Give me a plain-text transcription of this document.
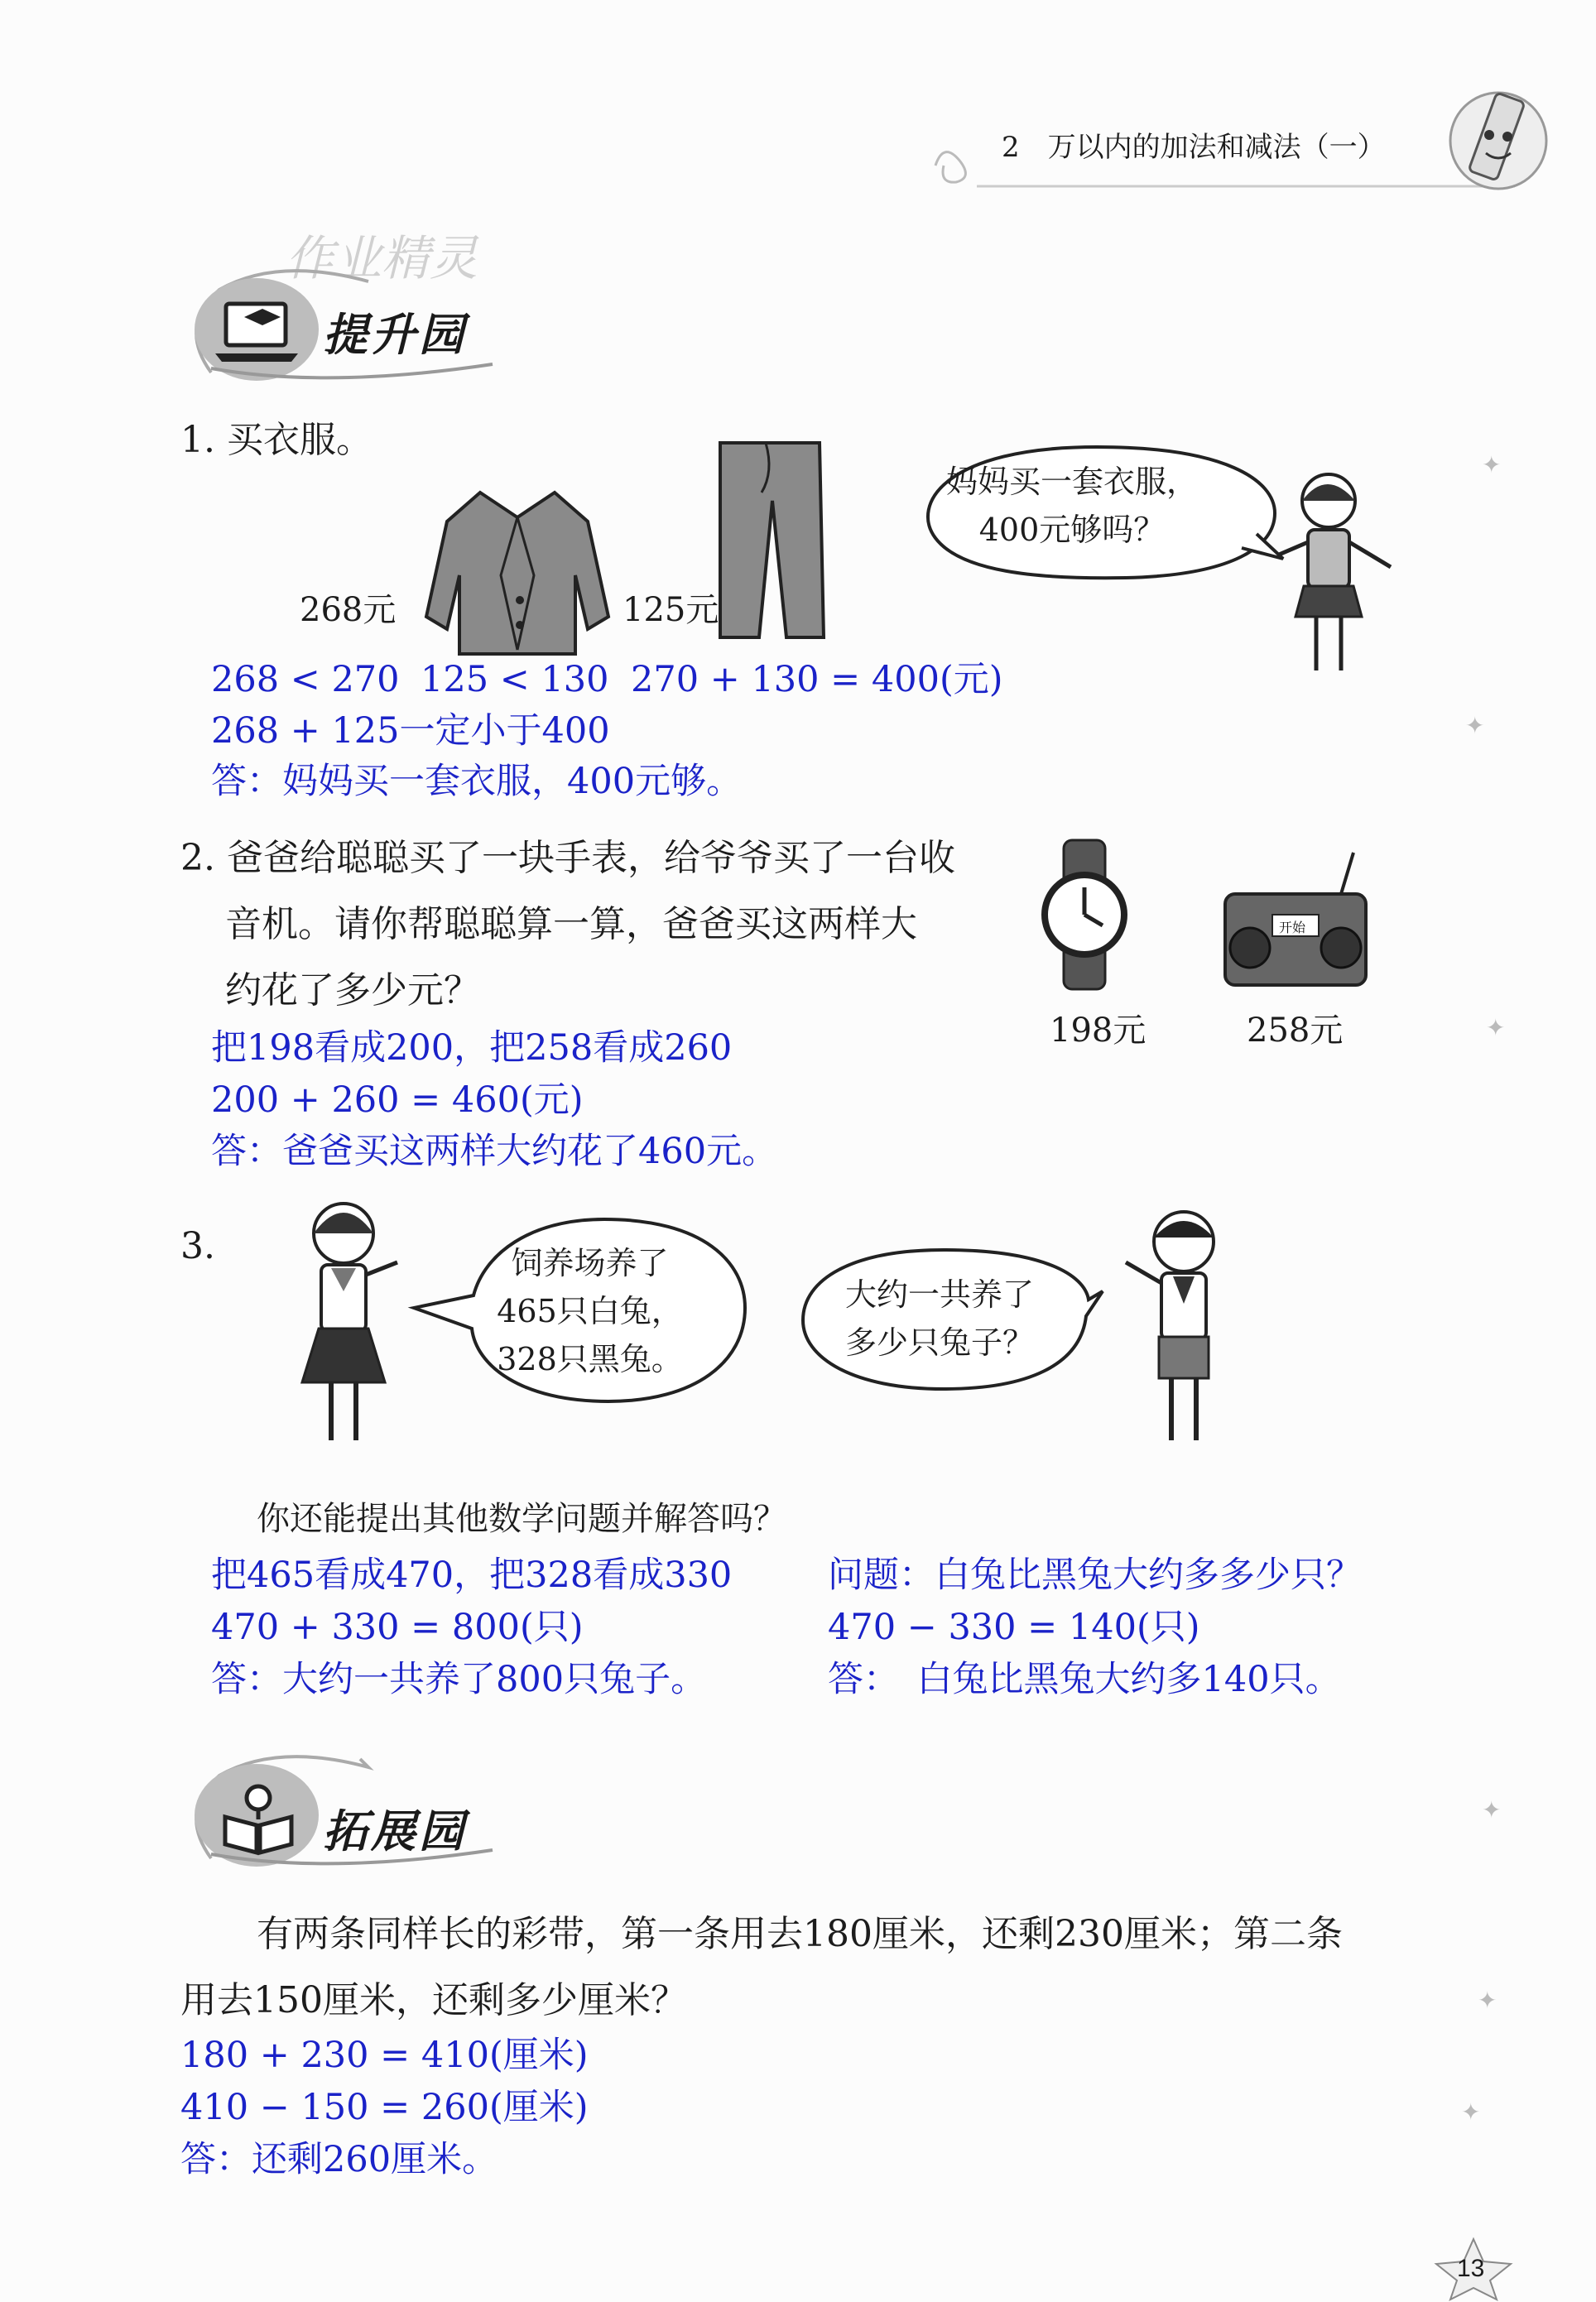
2　万以内的加法和减法（一）
作业精灵
提升园
1. 买衣服。
268元	125元
妈妈买一套衣服，400元够吗？
268 < 270 125 < 130 270 + 130 = 400(元)
268 + 125一定小于400
答：妈妈买一套衣服，400元够。
2. 爸爸给聪聪买了一块手表，给爷爷买了一台收
音机。请你帮聪聪算一算，爸爸买这两样大
约花了多少元？
198元
开始
258元
把198看成200，把258看成260
200 + 260 = 460(元)
答：爸爸买这两样大约花了460元。
3.	饲养场养了465只白兔，328只黑兔。
大约一共养了多少只兔子？
你还能提出其他数学问题并解答吗？
把465看成470，把328看成330
470 + 330 = 800(只)
答：大约一共养了800只兔子。
问题：白兔比黑兔大约多多少只？
470 − 330 = 140(只)
答：　白兔比黑兔大约多140只。
拓展园
有两条同样长的彩带，第一条用去180厘米，还剩230厘米；第二条
用去150厘米，还剩多少厘米？
180 + 230 = 410(厘米)
410 − 150 = 260(厘米)
答：还剩260厘米。
✦
✦
✦
✦
✦
✦
13
